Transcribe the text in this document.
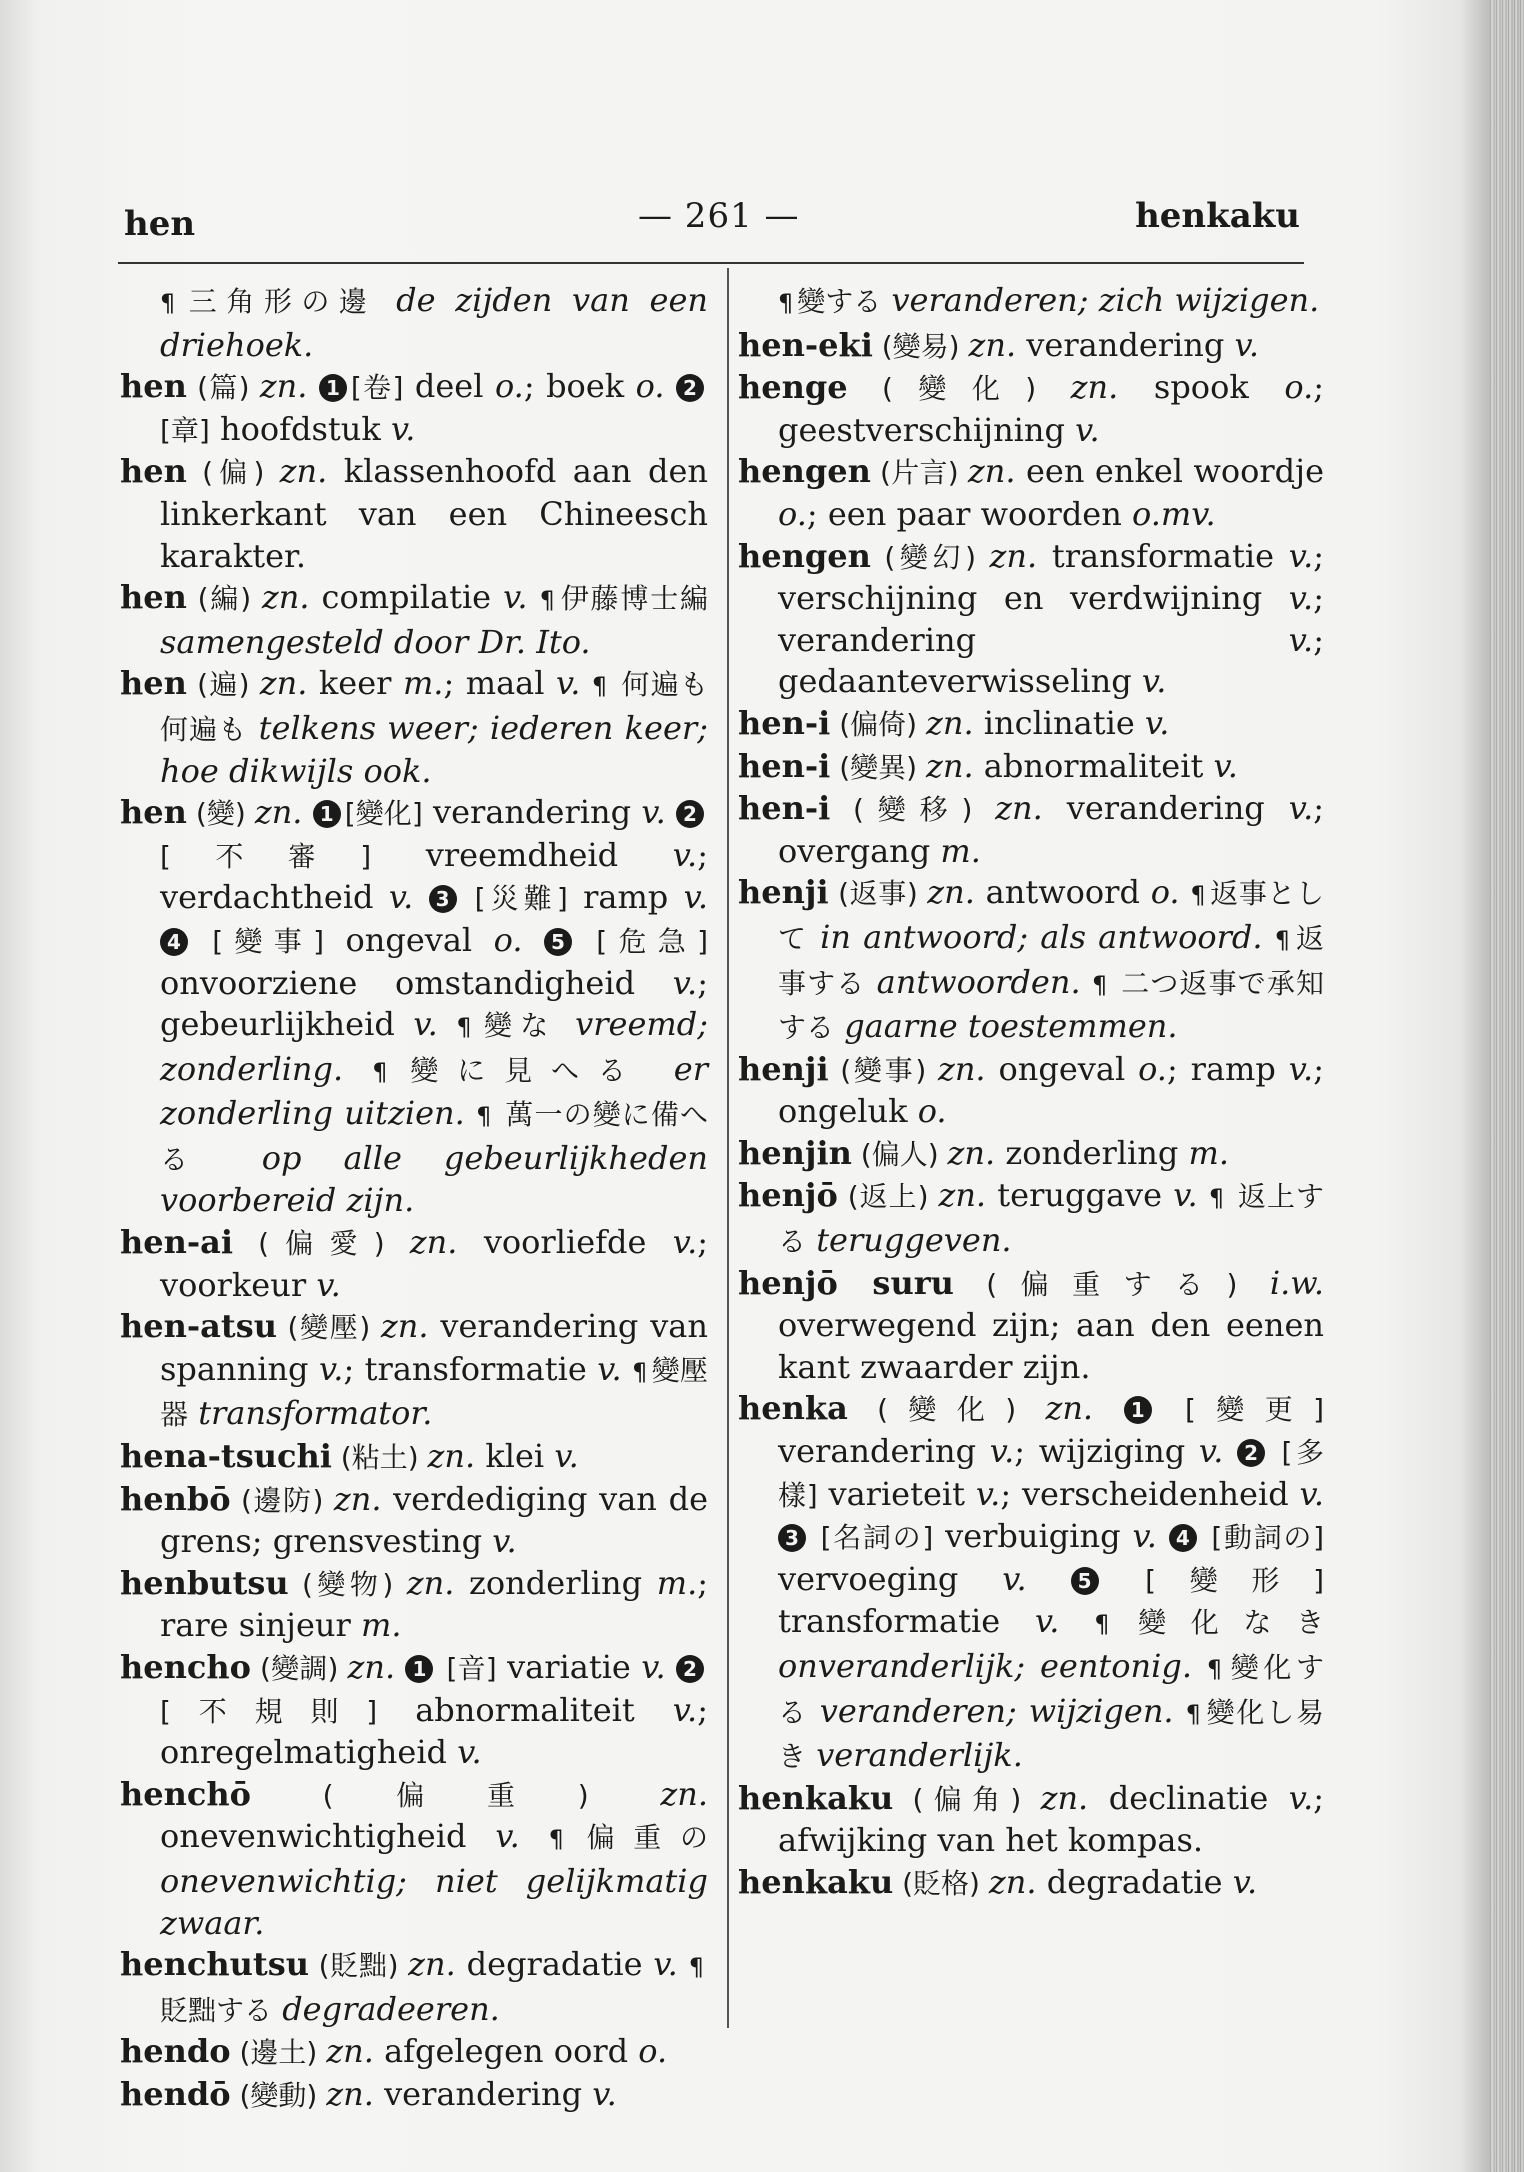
hen	— 261 —	henkaku

¶ 三角形の邊 de zijden van een driehoek.

hen (篇) zn. 1 [卷] deel o.; boek o. 2 [章] hoofdstuk v.

hen (偏) zn. klassenhoofd aan den linkerkant van een Chineesch karakter.

hen (編) zn. compilatie v. ¶ 伊藤博士編 samengesteld door Dr. Ito.

hen (遍) zn. keer m.; maal v. ¶ 何遍も何遍も telkens weer; iederen keer; hoe dikwijls ook.

hen (變) zn. 1 [變化] verandering v. 2 [不審] vreemdheid v.; verdachtheid v. 3 [災難] ramp v. 4 [變事] ongeval o. 5 [危急] onvoorziene omstandigheid v.; gebeurlijkheid v. ¶ 變な vreemd; zonderling. ¶ 變に見へる er zonderling uitzien. ¶ 萬一の變に備へる op alle gebeurlijkheden voorbereid zijn.

hen-ai (偏愛) zn. voorliefde v.; voorkeur v.

hen-atsu (變壓) zn. verandering van spanning v.; transformatie v. ¶ 變壓器 transformator.

hena-tsuchi (粘土) zn. klei v.

henbō (邊防) zn. verdediging van de grens; grensvesting v.

henbutsu (變物) zn. zonderling m.; rare sinjeur m.

hencho (變調) zn. 1 [音] variatie v. 2 [不規則] abnormaliteit v.; onregelmatigheid v.

henchō (偏重) zn. onevenwichtigheid v. ¶ 偏重の onevenwichtig; niet gelijkmatig zwaar.

henchutsu (貶黜) zn. degradatie v. ¶貶黜する degradeeren.

hendo (邊土) zn. afgelegen oord o.

hendō (變動) zn. verandering v.

¶ 變する veranderen; zich wijzigen.

hen-eki (變易) zn. verandering v.

henge (變化) zn. spook o.; geestverschijning v.

hengen (片言) zn. een enkel woordje o.; een paar woorden o.mv.

hengen (變幻) zn. transformatie v.; verschijning en verdwijning v.; verandering v.; gedaanteverwisseling v.

hen-i (偏倚) zn. inclinatie v.

hen-i (變異) zn. abnormaliteit v.

hen-i (變移) zn. verandering v.; overgang m.

henji (返事) zn. antwoord o. ¶ 返事として in antwoord; als antwoord. ¶ 返事する antwoorden. ¶ 二つ返事で承知する gaarne toestemmen.

henji (變事) zn. ongeval o.; ramp v.; ongeluk o.

henjin (偏人) zn. zonderling m.

henjō (返上) zn. teruggave v. ¶ 返上する teruggeven.

henjō suru (偏重する) i.w. overwegend zijn; aan den eenen kant zwaarder zijn.

henka (變化) zn. 1 [變更] verandering v.; wijziging v. 2 [多樣] varieteit v.; verscheidenheid v. 3 [名詞の] verbuiging v. 4 [動詞の] vervoeging v. 5 [變形] transformatie v. ¶ 變化なき onveranderlijk; eentonig. ¶ 變化する veranderen; wijzigen. ¶ 變化し易き veranderlijk.

henkaku (偏角) zn. declinatie v.; afwijking van het kompas.

henkaku (貶格) zn. degradatie v.
